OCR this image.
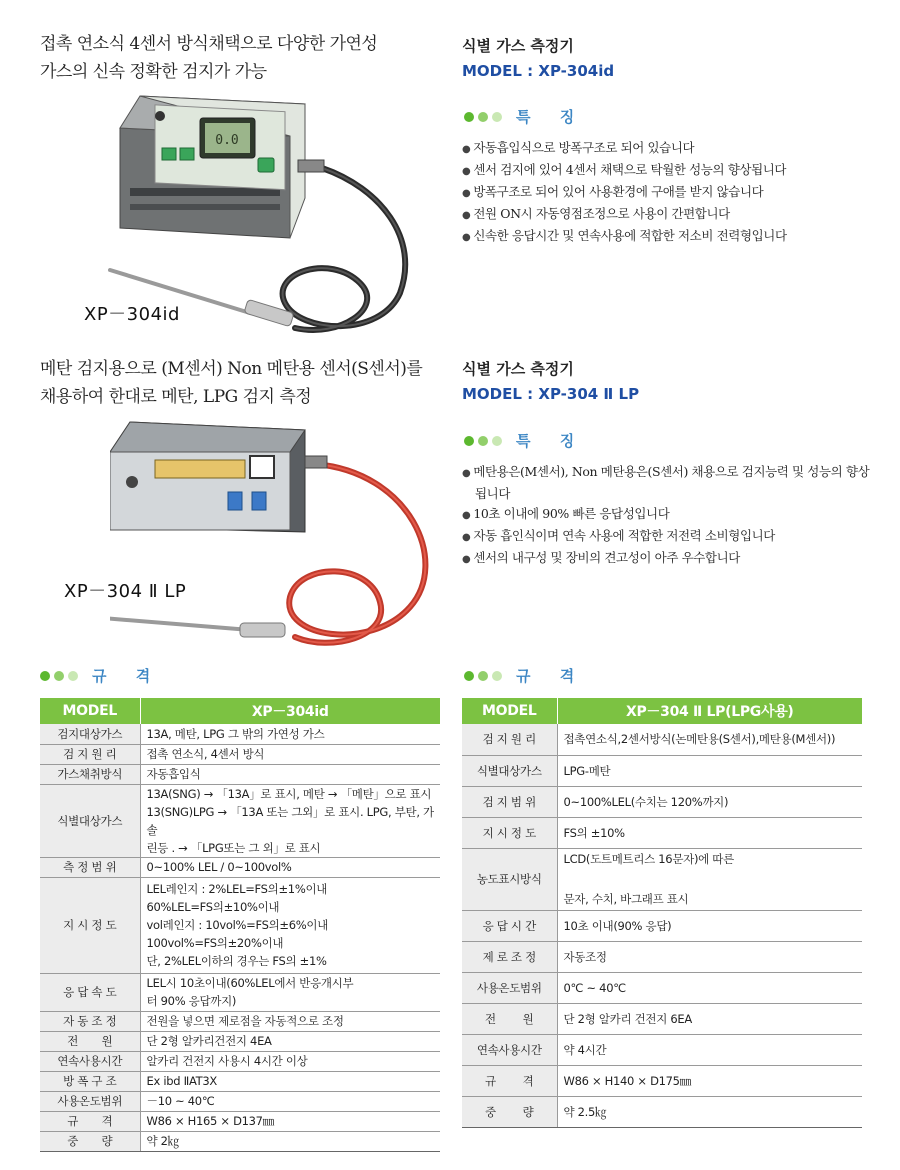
접촉 연소식 4센서 방식채택으로 다양한 가연성
가스의 신속 정확한 검지가 가능
식별 가스 측정기
MODEL : XP-304id
특 징
● 자동흡입식으로 방폭구조로 되어 있습니다
● 센서 검지에 있어 4센서 채택으로 탁월한 성능의 향상됩니다
● 방폭구조로 되어 있어 사용환경에 구애를 받지 않습니다
● 전원 ON시 자동영점조정으로 사용이 간편합니다
● 신속한 응답시간 및 연속사용에 적합한 저소비 전력형입니다
0.0
XP－304id
메탄 검지용으로 (M센서) Non 메탄용 센서(S센서)를
채용하여 한대로 메탄, LPG 검지 측정
식별 가스 측정기
MODEL : XP-304 Ⅱ LP
특 징
● 메탄용은(M센서), Non 메탄용은(S센서) 채용으로 검지능력 및 성능의 향상됩니다
● 10초 이내에 90% 빠른 응답성입니다
● 자동 흡인식이며 연속 사용에 적합한 저전력 소비형입니다
● 센서의 내구성 및 장비의 견고성이 아주 우수합니다
XP－304 Ⅱ LP
규 격
MODEL	XP－304id
검지대상가스	13A, 메탄, LPG 그 밖의 가연성 가스
검 지 원 리	접촉 연소식, 4센서 방식
가스채취방식	자동흡입식
식별대상가스	13A(SNG) → 「13A」로 표시, 메탄 → 「메탄」으로 표시
13(SNG)LPG → 「13A 또는 그외」로 표시. LPG, 부탄, 가솔
린등 . → 「LPG또는 그 외」로 표시
측 정 범 위	0~100% LEL / 0~100vol%
지 시 정 도	LEL레인지 : 2%LEL=FS의±1%이내
60%LEL=FS의±10%이내
vol레인지 : 10vol%=FS의±6%이내
100vol%=FS의±20%이내
단, 2%LEL이하의 경우는 FS의 ±1%
응 답 속 도	LEL시 10초이내(60%LEL에서 반응개시부
터 90% 응답까지)
자 동 조 정	전원을 넣으면 제로점을 자동적으로 조정
전       원	단 2형 알카리건전지 4EA
연속사용시간	알카리 건전지 사용시 4시간 이상
방 폭 구 조	Ex ibd ⅡAT3X
사용온도범위	－10 ~ 40℃
규       격	W86 × H165 × D137㎜
중       량	약 2㎏
규 격
MODEL	XP－304 Ⅱ LP(LPG사용)
검 지 원 리	접촉연소식,2센서방식(논메탄용(S센서),메탄용(M센서))
식별대상가스	LPG-메탄
검 지 범 위	0~100%LEL(수치는 120%까지)
지 시 정 도	FS의 ±10%
농도표시방식	LCD(도트메트리스 16문자)에 따른

문자, 수치, 바그래프 표시
응 답 시 간	10초 이내(90% 응답)
제 로 조 정	자동조정
사용온도범위	0℃ ~ 40℃
전        원	단 2형 알카리 건전지 6EA
연속사용시간	약 4시간
규        격	W86 × H140 × D175㎜
중        량	약 2.5㎏
